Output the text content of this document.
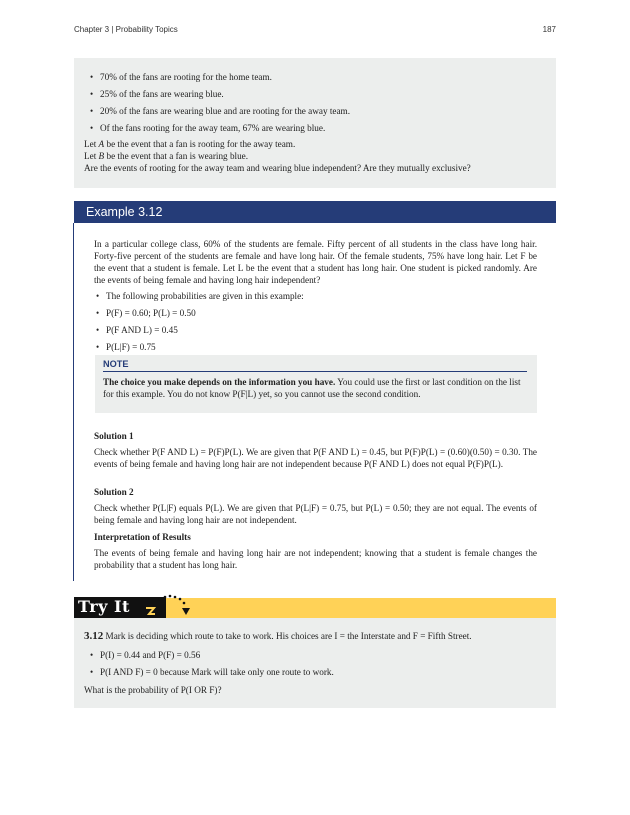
Chapter 3 | Probability Topics	187
• 70% of the fans are rooting for the home team.
• 25% of the fans are wearing blue.
• 20% of the fans are wearing blue and are rooting for the away team.
• Of the fans rooting for the away team, 67% are wearing blue.
Let A be the event that a fan is rooting for the away team.
Let B be the event that a fan is wearing blue.
Are the events of rooting for the away team and wearing blue independent? Are they mutually exclusive?
Example 3.12
In a particular college class, 60% of the students are female. Fifty percent of all students in the class have long hair. Forty-five percent of the students are female and have long hair. Of the female students, 75% have long hair. Let F be the event that a student is female. Let L be the event that a student has long hair. One student is picked randomly. Are the events of being female and having long hair independent?
• The following probabilities are given in this example:
• P(F) = 0.60; P(L) = 0.50
• P(F AND L) = 0.45
• P(L|F) = 0.75
NOTE
The choice you make depends on the information you have. You could use the first or last condition on the list for this example. You do not know P(F|L) yet, so you cannot use the second condition.
Solution 1
Check whether P(F AND L) = P(F)P(L). We are given that P(F AND L) = 0.45, but P(F)P(L) = (0.60)(0.50) = 0.30. The events of being female and having long hair are not independent because P(F AND L) does not equal P(F)P(L).
Solution 2
Check whether P(L|F) equals P(L). We are given that P(L|F) = 0.75, but P(L) = 0.50; they are not equal. The events of being female and having long hair are not independent.
Interpretation of Results
The events of being female and having long hair are not independent; knowing that a student is female changes the probability that a student has long hair.
Try It
3.12 Mark is deciding which route to take to work. His choices are I = the Interstate and F = Fifth Street.
• P(I) = 0.44 and P(F) = 0.56
• P(I AND F) = 0 because Mark will take only one route to work.
What is the probability of P(I OR F)?
